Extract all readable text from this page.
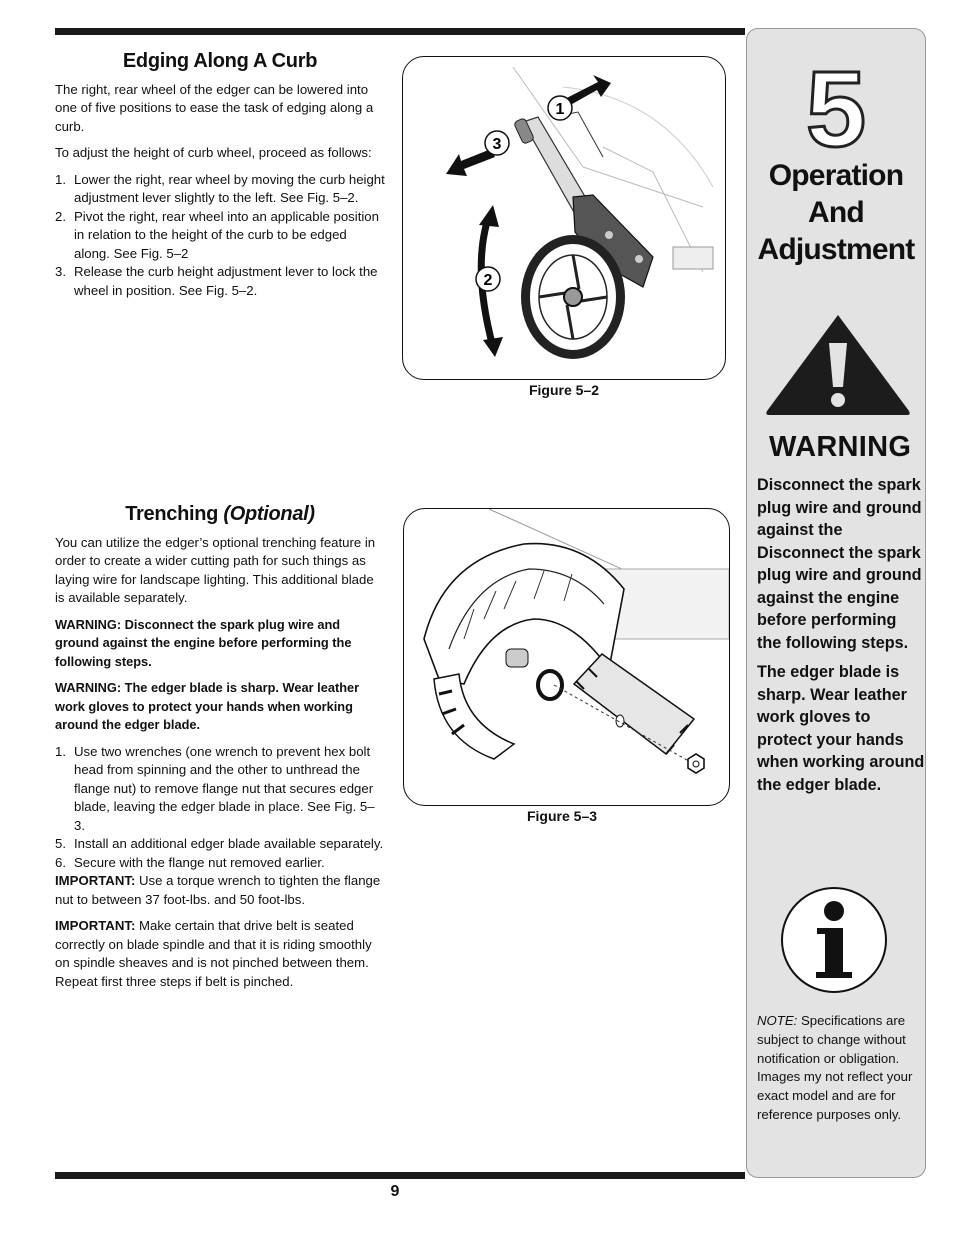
Edging Along A Curb

The right, rear wheel of the edger can be lowered into one of five positions to ease the task of edging along a curb.

To adjust the height of curb wheel, proceed as follows:

1. Lower the right, rear wheel by moving the curb height adjustment lever slightly to the left. See Fig. 5–2.
2. Pivot the right, rear wheel into an applicable position in relation to the height of the curb to be edged along. See Fig. 5–2
3. Release the curb height adjustment lever to lock the wheel in position. See Fig. 5–2.
1
3
2
Figure 5–2
Trenching (Optional)

You can utilize the edger’s optional trenching feature in order to create a wider cutting path for such things as laying wire for landscape lighting. This additional blade is available separately.

WARNING: Disconnect the spark plug wire and ground against the engine before performing the following steps.

WARNING: The edger blade is sharp. Wear leather work gloves to protect your hands when working around the edger blade.

1. Use two wrenches (one wrench to prevent hex bolt head from spinning and the other to unthread the flange nut) to remove flange nut that secures edger blade, leaving the edger blade in place. See Fig. 5–3.
5. Install an additional edger blade available separately.
6. Secure with the flange nut removed earlier.

IMPORTANT: Use a torque wrench to tighten the flange nut to between 37 foot-lbs. and 50 foot-lbs.

IMPORTANT: Make certain that drive belt is seated correctly on blade spindle and that it is riding smoothly on spindle sheaves and is not pinched between them. Repeat first three steps if belt is pinched.

Figure 5–3
5
Operation
And
Adjustment
WARNING

Disconnect the spark plug wire and ground against the Disconnect the spark plug wire and ground against the engine before performing the following steps.

The edger blade is sharp. Wear leather work gloves to protect your hands when working around the edger blade.

NOTE: Specifications are subject to change without notification or obligation. Images my not reflect your exact model and are for reference purposes only.
9
